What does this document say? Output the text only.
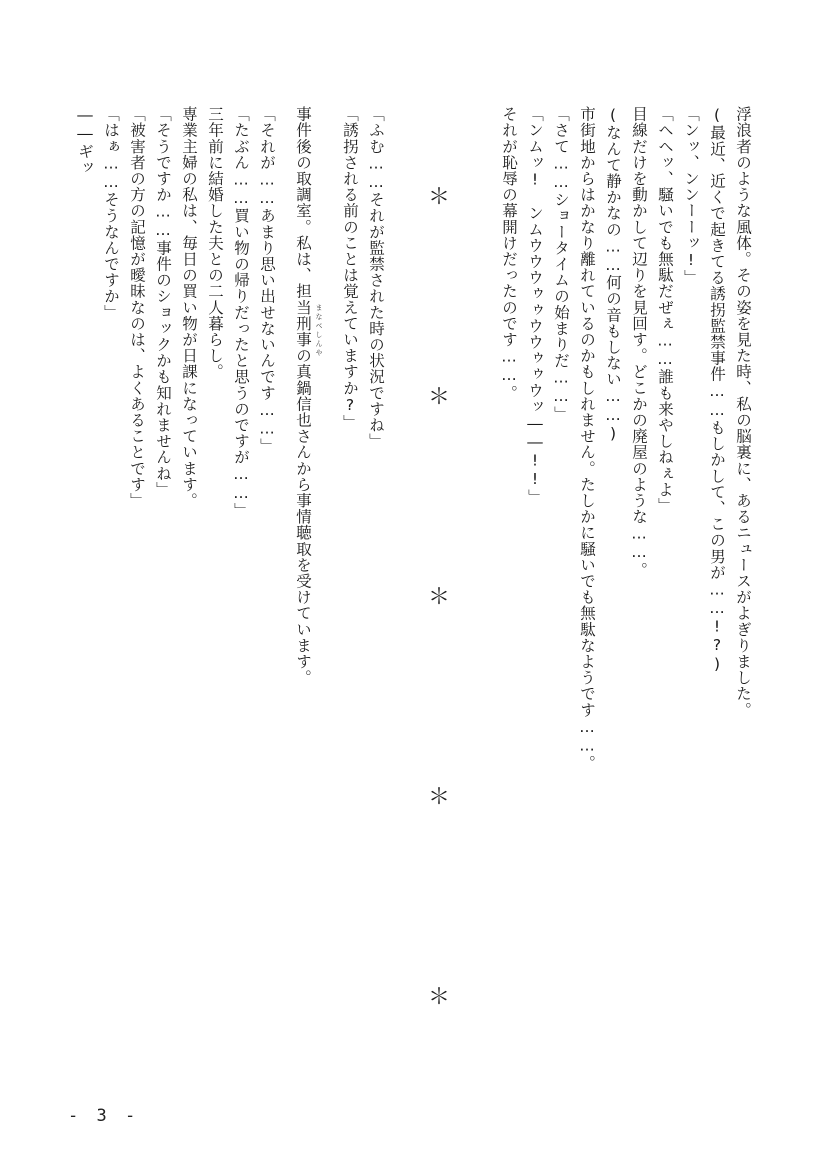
浮浪者のような風体。その姿を見た時、私の脳裏に、あるニュースがよぎりました。
(最近、近くで起きてる誘拐監禁事件……もしかして、この男が……!?)
「ンッ、ンンーーッ!」
「ヘヘッ、騒いでも無駄だぜぇ……誰も来やしねぇよ」
目線だけを動かして辺りを見回す。どこかの廃屋のような……。
(なんて静かなの……何の音もしない……)
市街地からはかなり離れているのかもしれません。たしかに騒いでも無駄なようです……。
「さて……ショータイムの始まりだ……」
「ンムッ!　ンムウウウゥゥウウゥゥウッ――!!」
それが恥辱の幕開けだったのです……。
＊
＊
＊
＊
＊
「ふむ……それが監禁された時の状況ですね」
「誘拐される前のことは覚えていますか?」
事件後の取調室。私は、担当刑事の真鍋信也さんから事情聴取を受けています。 まなべしんや
「それが……あまり思い出せないんです……」
「たぶん……買い物の帰りだったと思うのですが……」
三年前に結婚した夫との二人暮らし。
専業主婦の私は、毎日の買い物が日課になっています。
「そうですか……事件のショックかも知れませんね」
「被害者の方の記憶が曖昧なのは、よくあることです」
「はぁ……そうなんですか」
――ギッ
- 3 -
